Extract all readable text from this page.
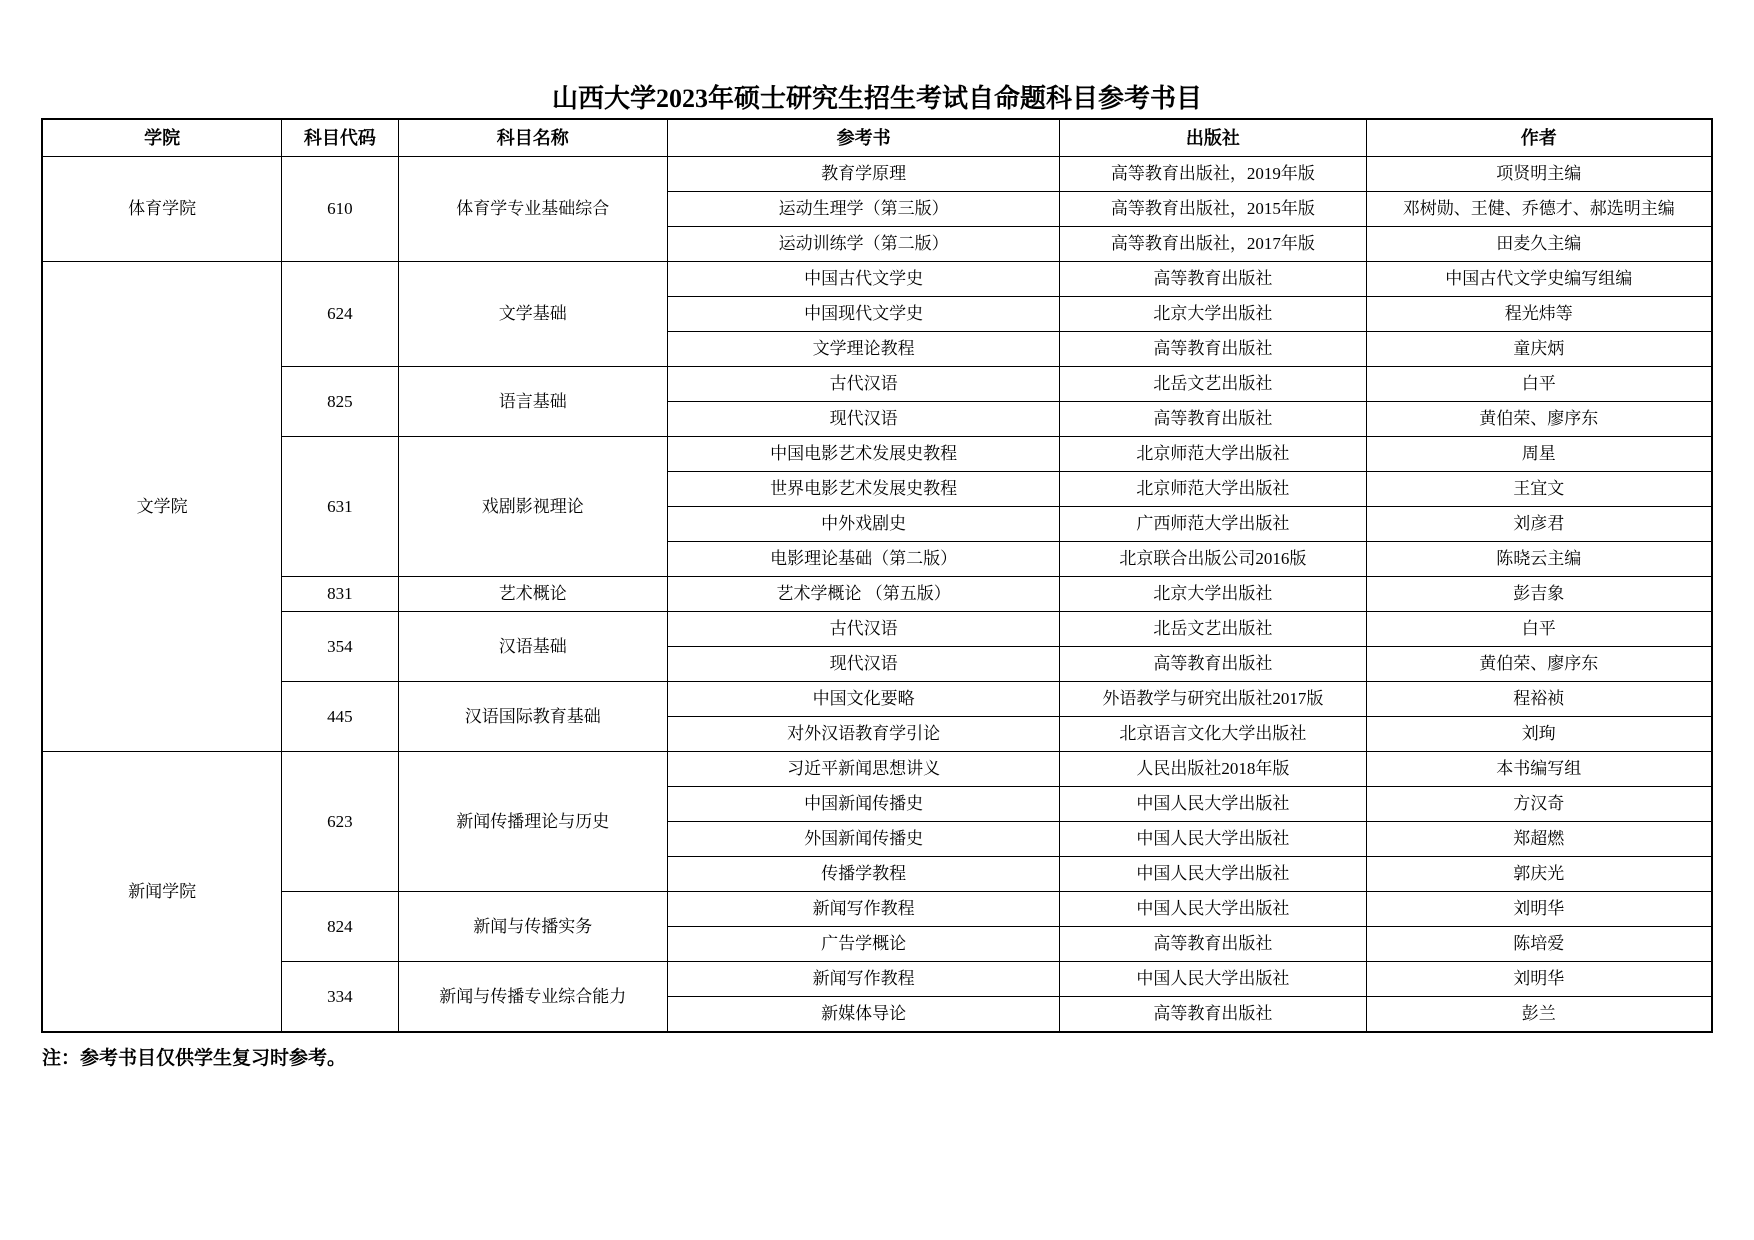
山西大学2023年硕士研究生招生考试自命题科目参考书目
学院	科目代码	科目名称	参考书	出版社	作者
体育学院	610	体育学专业基础综合	教育学原理	高等教育出版社，2019年版	项贤明主编
			运动生理学（第三版）	高等教育出版社，2015年版	邓树勋、王健、乔德才、郝选明主编
			运动训练学（第二版）	高等教育出版社，2017年版	田麦久主编
文学院	624	文学基础	中国古代文学史	高等教育出版社	中国古代文学史编写组编
			中国现代文学史	北京大学出版社	程光炜等
			文学理论教程	高等教育出版社	童庆炳
	825	语言基础	古代汉语	北岳文艺出版社	白平
			现代汉语	高等教育出版社	黄伯荣、廖序东
	631	戏剧影视理论	中国电影艺术发展史教程	北京师范大学出版社	周星
			世界电影艺术发展史教程	北京师范大学出版社	王宜文
			中外戏剧史	广西师范大学出版社	刘彦君
			电影理论基础（第二版）	北京联合出版公司2016版	陈晓云主编
	831	艺术概论	艺术学概论 （第五版）	北京大学出版社	彭吉象
	354	汉语基础	古代汉语	北岳文艺出版社	白平
			现代汉语	高等教育出版社	黄伯荣、廖序东
	445	汉语国际教育基础	中国文化要略	外语教学与研究出版社2017版	程裕祯
			对外汉语教育学引论	北京语言文化大学出版社	刘珣
新闻学院	623	新闻传播理论与历史	习近平新闻思想讲义	人民出版社2018年版	本书编写组
			中国新闻传播史	中国人民大学出版社	方汉奇
			外国新闻传播史	中国人民大学出版社	郑超燃
			传播学教程	中国人民大学出版社	郭庆光
	824	新闻与传播实务	新闻写作教程	中国人民大学出版社	刘明华
			广告学概论	高等教育出版社	陈培爱
	334	新闻与传播专业综合能力	新闻写作教程	中国人民大学出版社	刘明华
			新媒体导论	高等教育出版社	彭兰
注：参考书目仅供学生复习时参考。
